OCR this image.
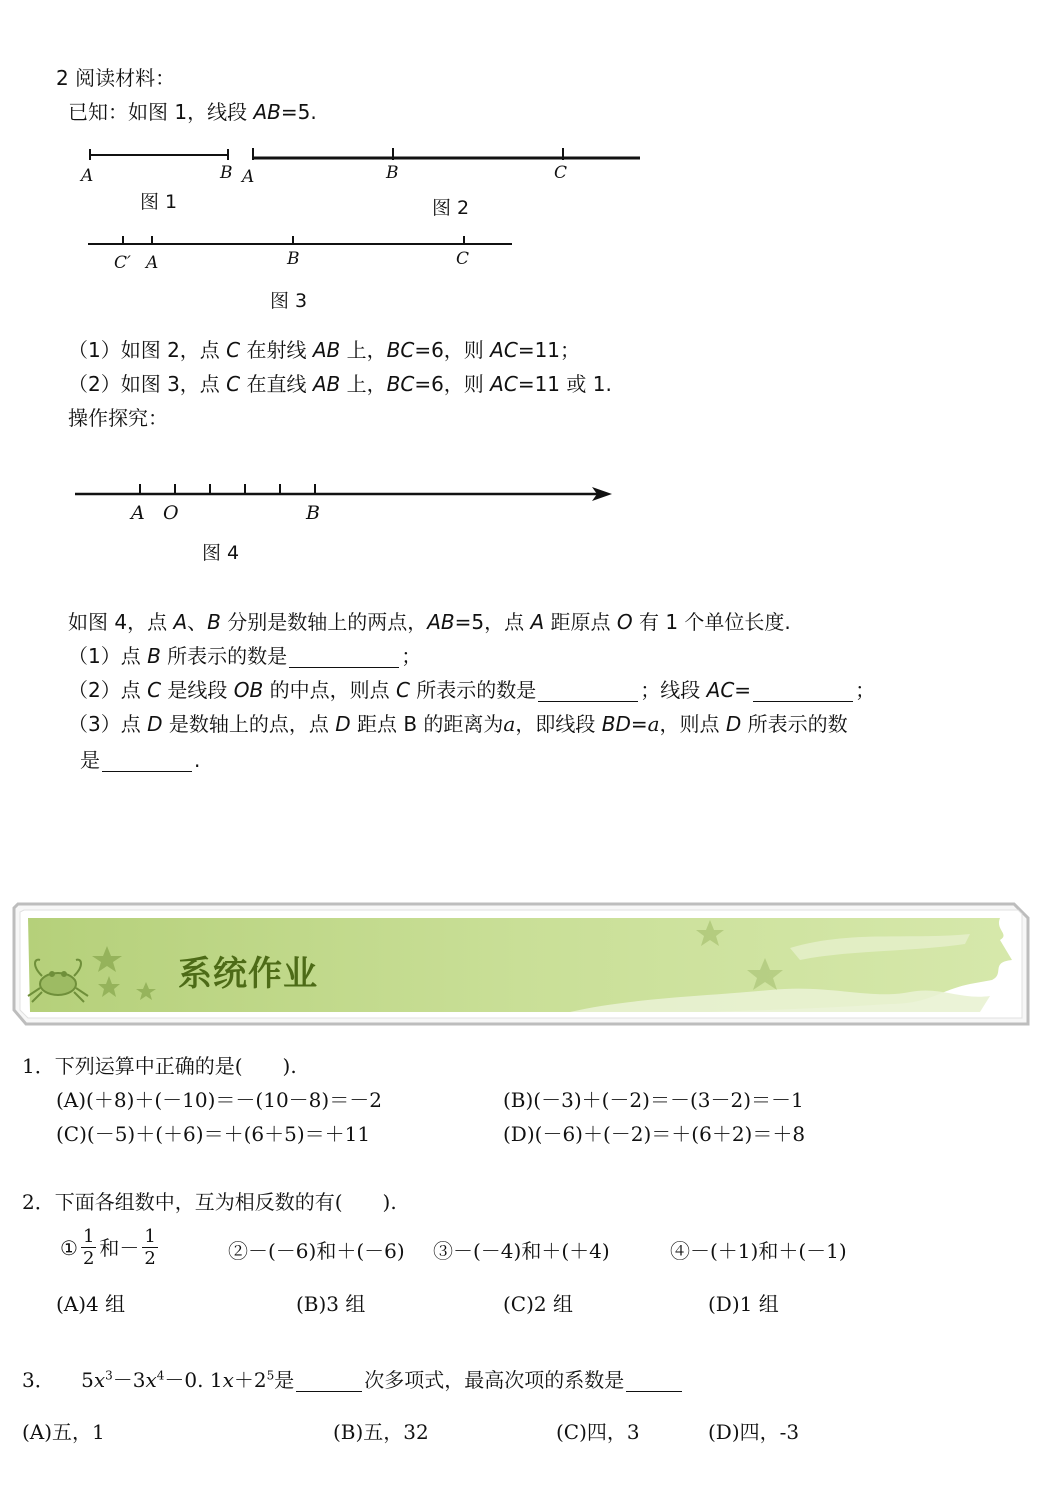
2 阅读材料：
已知：如图 1，线段 AB=5.
A	B A	B	C
图 1	图 2
C′ A	B	C
图 3
（1）如图 2，点 C 在射线 AB 上，BC=6，则 AC=11；
（2）如图 3，点 C 在直线 AB 上，BC=6，则 AC=11 或 1.
操作探究：
A O	B
图 4
如图 4，点 A、B 分别是数轴上的两点，AB=5，点 A 距原点 O 有 1 个单位长度.
（1）点 B 所表示的数是	；
（2）点 C 是线段 OB 的中点，则点 C 所表示的数是	；线段 AC=	；
（3）点 D 是数轴上的点，点 D 距点 B 的距离为a，即线段 BD=a，则点 D 所表示的数
是	.
系统作业
1．下列运算中正确的是(　　).
(A)(＋8)＋(－10)＝－(10－8)＝－2	(B)(－3)＋(－2)＝－(3－2)＝－1
(C)(－5)＋(＋6)＝＋(6＋5)＝＋11	(D)(－6)＋(－2)＝＋(6＋2)＝＋8
2．下面各组数中，互为相反数的有(　　).
① $\frac{1}{2}$ 和－ $\frac{1}{2}$	②－(－6)和＋(－6) ③－(－4)和＋(＋4)	④－(＋1)和＋(－1)
(A)4 组	(B)3 组	(C)2 组	(D)1 组
3． $5x^3-3x^4-0$. $1x+2^5$是	次多项式，最高次项的系数是
(A)五，1	(B)五，32	(C)四，3	(D)四，-3
